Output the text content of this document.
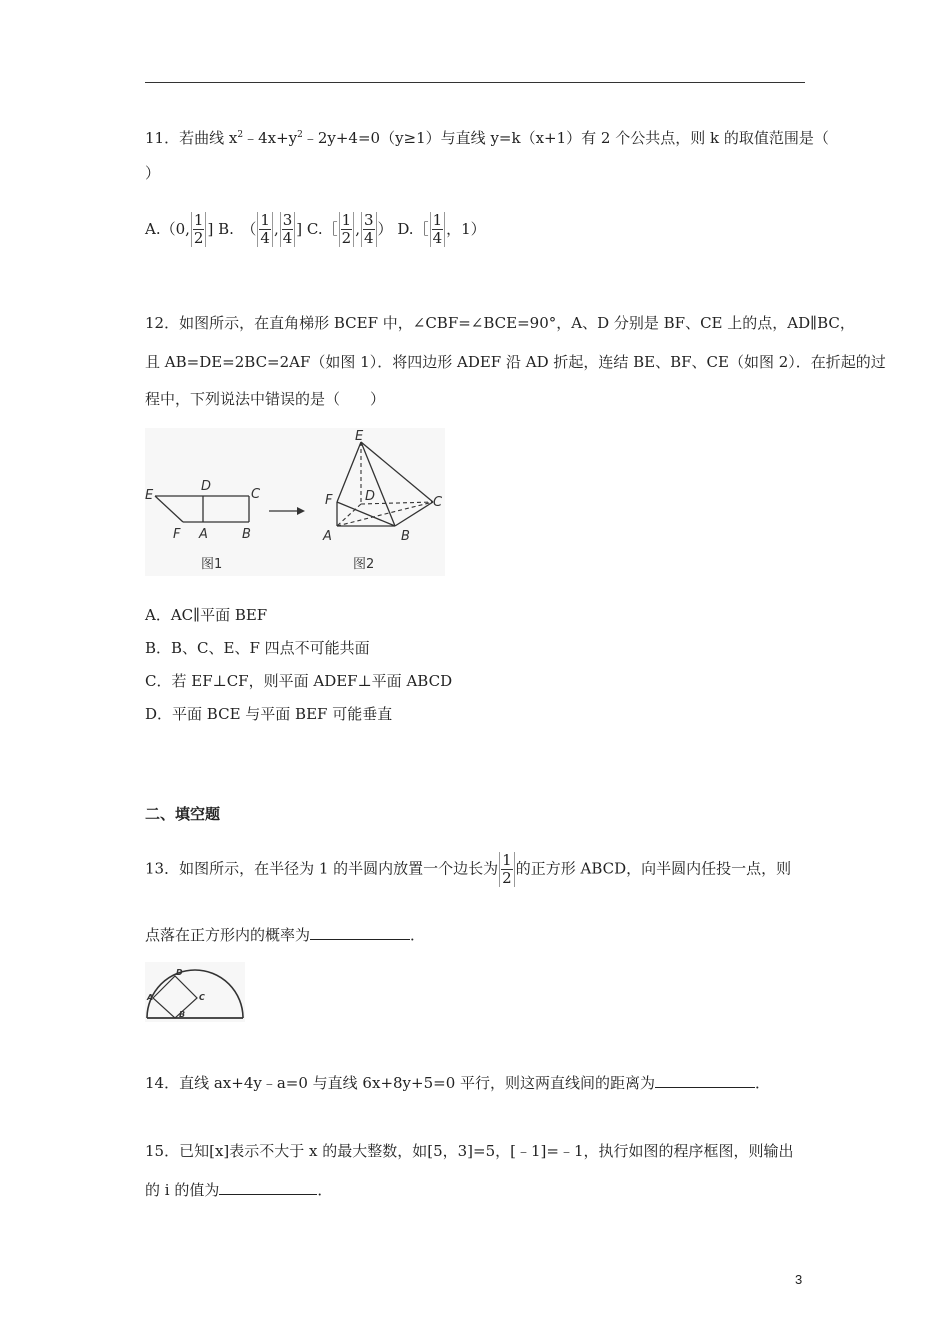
11．若曲线 $x^2﹣4x+y^2﹣2y+4=0(y\ge 1)$与直线 y=k（x+1）有 2 个公共点，则 k 的取值范围是（
）
A.（0, $\frac{1}{2}$ ] B.　（ $\frac{1}{4}$ , $\frac{3}{4}$ ] C.［ $\frac{1}{2}$ , $\frac{3}{4}$ ） D.［ $\frac{1}{4}$ ，1）
12．如图所示，在直角梯形 BCEF 中，∠CBF=∠BCE=90°，A、D 分别是 BF、CE 上的点，AD∥BC，
且 AB=DE=2BC=2AF（如图 1）．将四边形 ADEF 沿 AD 折起，连结 BE、BF、CE（如图 2）．在折起的过
程中，下列说法中错误的是（　　）
E
D
C
F A	B
图1
E
F	D	C
A	B
图2
A．AC∥平面 BEF
B．B、C、E、F 四点不可能共面
C．若 EF⊥CF，则平面 ADEF⊥平面 ABCD
D．平面 BCE 与平面 BEF 可能垂直
二、填空题
13．如图所示，在半径为 1 的半圆内放置一个边长为 $\frac{1}{2}$ 的正方形 ABCD，向半圆内任投一点，则
点落在正方形内的概率为	．
D
A	C
B
14．直线 ax+4y﹣a=0 与直线 6x+8y+5=0 平行，则这两直线间的距离为	．
15．已知[x]表示不大于 x 的最大整数，如[5，3]=5，[﹣1]=﹣1，执行如图的程序框图，则输出
的 i 的值为	．
3
